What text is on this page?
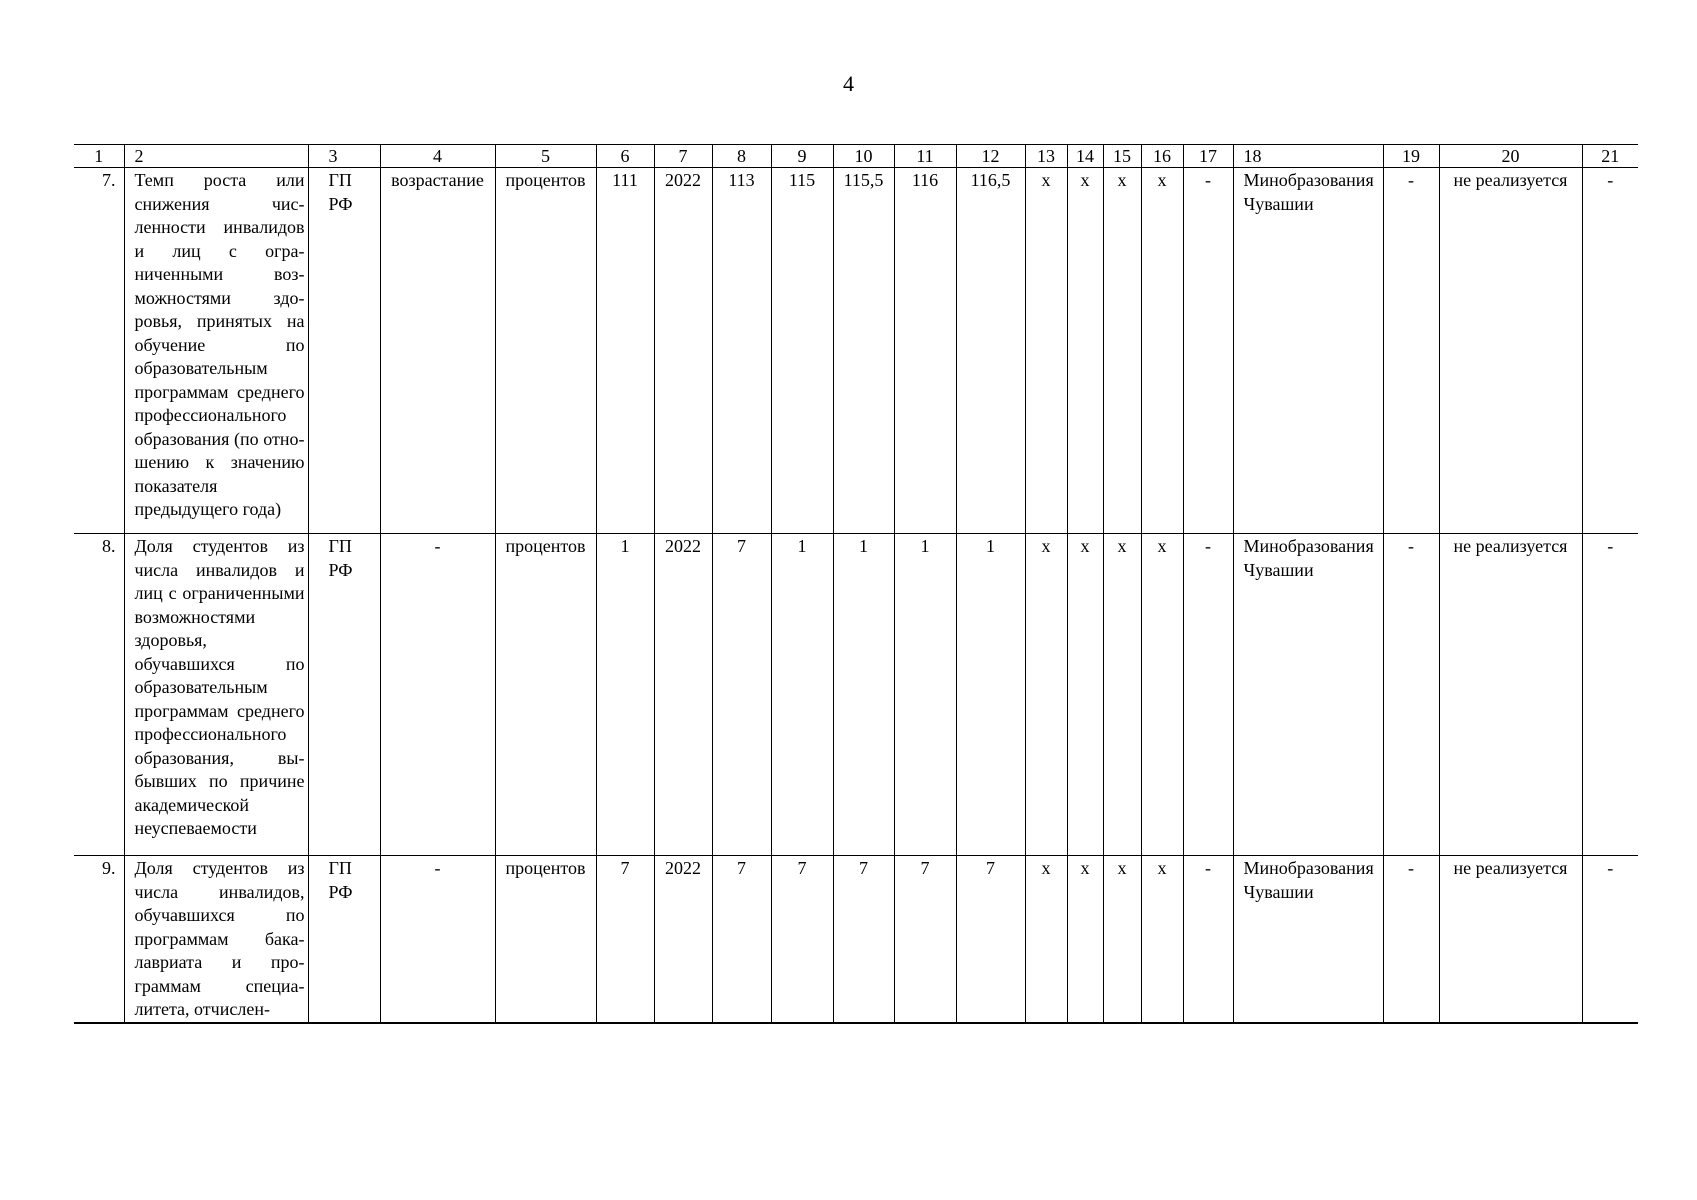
4
1	2	3	4	5	6	7	8	9	10	11	12	13	14	15	16	17	18	19	20	21
7.	Темп роста или снижения численности инвалидов и лиц с ограниченными возможностями здоровья, принятых на обучение по образовательным программам среднего профессионального образования (по отношению к значению показателя предыдущего года)	ГП РФ	возрастание	процентов	111	2022	113	115	115,5	116	116,5	х	х	х	х	-	Минобразования Чувашии	-	не реализуется	-
8.	Доля студентов из числа инвалидов и лиц с ограниченными возможностями здоровья, обучавшихся по образовательным программам среднего профессионального образования, выбывших по причине академической неуспеваемости	ГП РФ	-	процентов	1	2022	7	1	1	1	1	х	х	х	х	-	Минобразования Чувашии	-	не реализуется	-
9.	Доля студентов из числа инвалидов, обучавшихся по программам бакалавриата и программам специалитета, отчислен-	ГП РФ	-	процентов	7	2022	7	7	7	7	7	х	х	х	х	-	Минобразования Чувашии	-	не реализуется	-
